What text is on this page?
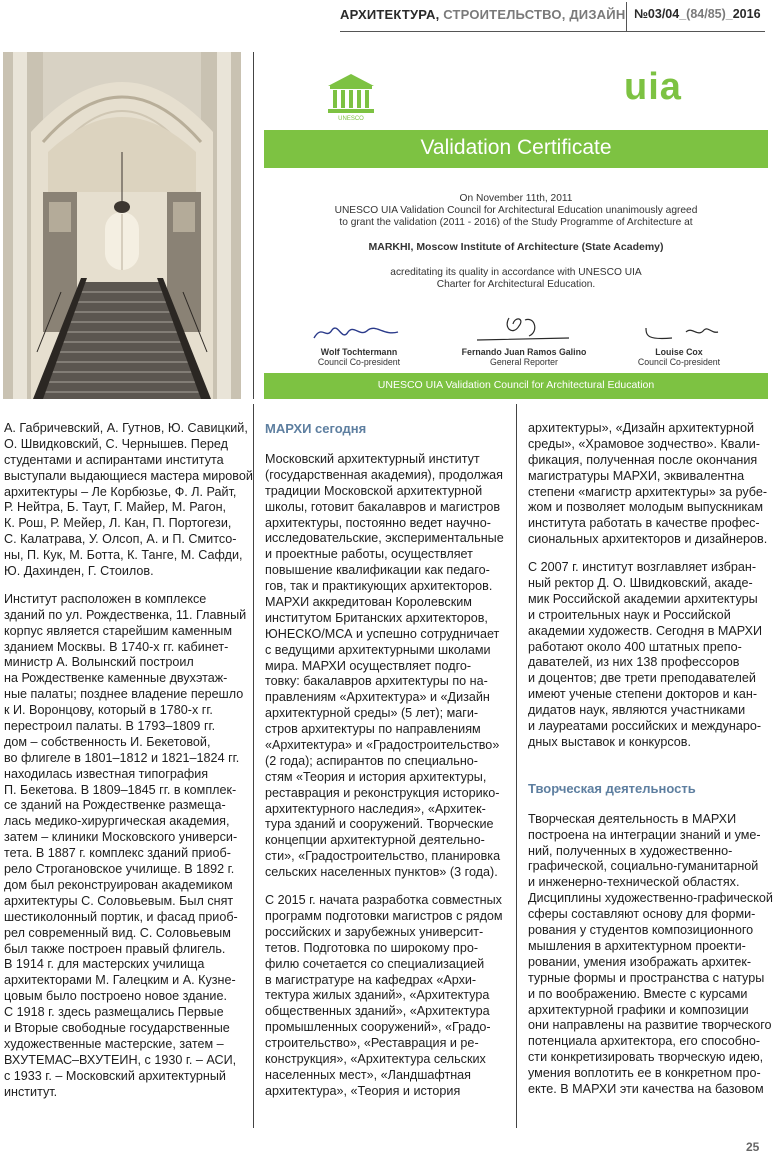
АРХИТЕКТУРА, СТРОИТЕЛЬСТВО, ДИЗАЙН №03/04_(84/85)_2016
UNESCO
uia
Validation Certificate
On November 11th, 2011
UNESCO UIA Validation Council for Architectural Education unanimously agreed
to grant the validation (2011 - 2016) of the Study Programme of Architecture at
MARKHI, Moscow Institute of Architecture (State Academy)
acreditating its quality in accordance with UNESCO UIA
Charter for Architectural Education.
Wolf Tochtermann
Council Co-president
Fernando Juan Ramos Galino
General Reporter
Louise Cox
Council Co-president
UNESCO UIA Validation Council for Architectural Education
А. Габричевский, А. Гутнов, Ю. Савицкий,
О. Швидковский, С. Чернышев. Перед
студентами и аспирантами института
выступали выдающиеся мастера мировой
архитектуры – Ле Корбюзье, Ф. Л. Райт,
Р. Нейтра, Б. Таут, Г. Майер, М. Рагон,
К. Рош, Р. Мейер, Л. Кан, П. Портогези,
С. Калатрава, У. Олсоп, А. и П. Смитсо-
ны, П. Кук, М. Ботта, К. Танге, М. Сафди,
Ю. Дахинден, Г. Стоилов.
Институт расположен в комплексе
зданий по ул. Рождественка, 11. Главный
корпус является старейшим каменным
зданием Москвы. В 1740-х гг. кабинет-
министр А. Волынский построил
на Рождественке каменные двухэтаж-
ные палаты; позднее владение перешло
к И. Воронцову, который в 1780-х гг.
перестроил палаты. В 1793–1809 гг.
дом – собственность И. Бекетовой,
во флигеле в 1801–1812 и 1821–1824 гг.
находилась известная типография
П. Бекетова. В 1809–1845 гг. в комплек-
се зданий на Рождественке размеща-
лась медико-хирургическая академия,
затем – клиники Московского универси-
тета. В 1887 г. комплекс зданий приоб-
рело Строгановское училище. В 1892 г.
дом был реконструирован академиком
архитектуры С. Соловьевым. Был снят
шестиколонный портик, и фасад приоб-
рел современный вид. С. Соловьевым
был также построен правый флигель.
В 1914 г. для мастерских училища
архитекторами М. Галецким и А. Кузне-
цовым было построено новое здание.
С 1918 г. здесь размещались Первые
и Вторые свободные государственные
художественные мастерские, затем –
ВХУТЕМАС–ВХУТЕИН, с 1930 г. – АСИ,
с 1933 г. – Московский архитектурный
институт.
МАРХИ сегодня
Московский архитектурный институт
(государственная академия), продолжая
традиции Московской архитектурной
школы, готовит бакалавров и магистров
архитектуры, постоянно ведет научно-
исследовательские, экспериментальные
и проектные работы, осуществляет
повышение квалификации как педаго-
гов, так и практикующих архитекторов.
МАРХИ аккредитован Королевским
институтом Британских архитекторов,
ЮНЕСКО/МСА и успешно сотрудничает
с ведущими архитектурными школами
мира. МАРХИ осуществляет подго-
товку: бакалавров архитектуры по на-
правлениям «Архитектура» и «Дизайн
архитектурной среды» (5 лет); маги-
стров архитектуры по направлениям
«Архитектура» и «Градостроительство»
(2 года); аспирантов по специально-
стям «Теория и история архитектуры,
реставрация и реконструкция историко-
архитектурного наследия», «Архитек-
тура зданий и сооружений. Творческие
концепции архитектурной деятельно-
сти», «Градостроительство, планировка
сельских населенных пунктов» (3 года).
С 2015 г. начата разработка совместных
программ подготовки магистров с рядом
российских и зарубежных университ-
тетов. Подготовка по широкому про-
филю сочетается со специализацией
в магистратуре на кафедрах «Архи-
тектура жилых зданий», «Архитектура
общественных зданий», «Архитектура
промышленных сооружений», «Градо-
строительство», «Реставрация и ре-
конструкция», «Архитектура сельских
населенных мест», «Ландшафтная
архитектура», «Теория и история
архитектуры», «Дизайн архитектурной
среды», «Храмовое зодчество». Квали-
фикация, полученная после окончания
магистратуры МАРХИ, эквивалентна
степени «магистр архитектуры» за рубе-
жом и позволяет молодым выпускникам
института работать в качестве профес-
сиональных архитекторов и дизайнеров.
С 2007 г. институт возглавляет избран-
ный ректор Д. О. Швидковский, акаде-
мик Российской академии архитектуры
и строительных наук и Российской
академии художеств. Сегодня в МАРХИ
работают около 400 штатных препо-
давателей, из них 138 профессоров
и доцентов; две трети преподавателей
имеют ученые степени докторов и кан-
дидатов наук, являются участниками
и лауреатами российских и междунаро-
дных выставок и конкурсов.
Творческая деятельность
Творческая деятельность в МАРХИ
построена на интеграции знаний и уме-
ний, полученных в художественно-
графической, социально-гуманитарной
и инженерно-технической областях.
Дисциплины художественно-графической
сферы составляют основу для форми-
рования у студентов композиционного
мышления в архитектурном проекти-
ровании, умения изображать архитек-
турные формы и пространства с натуры
и по воображению. Вместе с курсами
архитектурной графики и композиции
они направлены на развитие творческого
потенциала архитектора, его способно-
сти конкретизировать творческую идею,
умения воплотить ее в конкретном про-
екте. В МАРХИ эти качества на базовом
25
